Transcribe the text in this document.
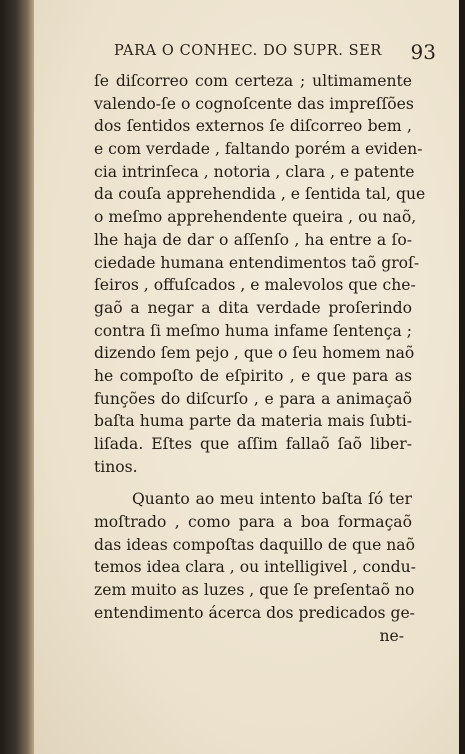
PARA O CONHEC. DO SUPR. SER 93
ſe diſcorreo com certeza ; ultimamente
valendo-ſe o cognoſcente das impreſſões
dos ſentidos externos ſe diſcorreo bem ,
e com verdade , faltando porém a eviden-
cia intrinſeca , notoria , clara , e patente
da couſa apprehendida , e ſentida tal, que
o meſmo apprehendente queira , ou naõ,
lhe haja de dar o aſſenſo , ha entre a ſo-
ciedade humana entendimentos taõ groſ-
ſeiros , offuſcados , e malevolos que che-
gaõ a negar a dita verdade proſerindo
contra ſi meſmo huma infame ſentença ;
dizendo ſem pejo , que o ſeu homem naõ
he compoſto de eſpirito , e que para as
funções do diſcurſo , e para a animaçaõ
baſta huma parte da materia mais ſubti-
liſada. Eſtes que aſſim fallaõ ſaõ liber-
tinos.
Quanto ao meu intento baſta ſó ter
moſtrado , como para a boa formaçaõ
das ideas compoſtas daquillo de que naõ
temos idea clara , ou intelligivel , condu-
zem muito as luzes , que ſe preſentaõ no
entendimento ácerca dos predicados ge-
ne-
